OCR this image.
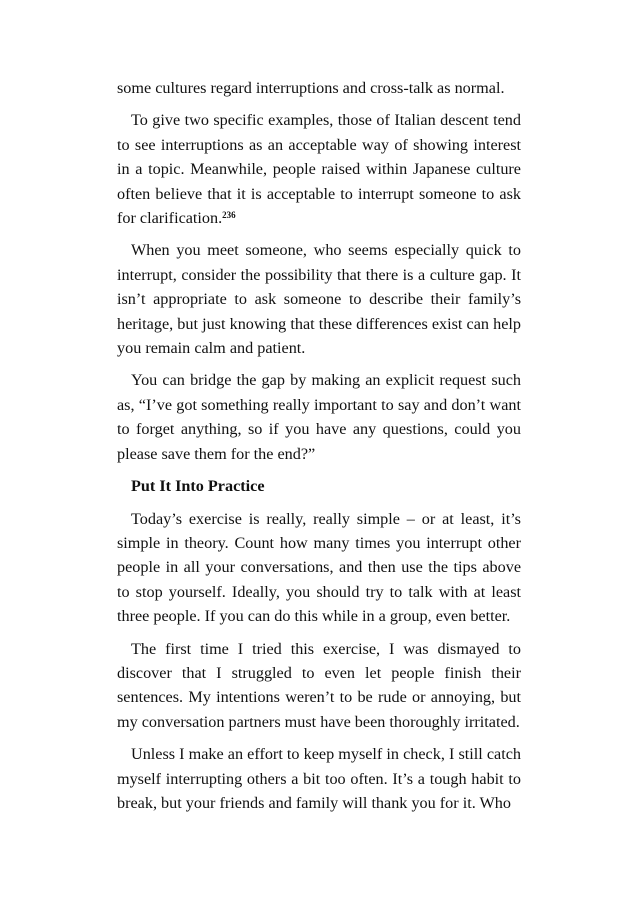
some cultures regard interruptions and cross-talk as normal.

To give two specific examples, those of Italian descent tend to see interruptions as an acceptable way of showing interest in a topic. Meanwhile, people raised within Japanese culture often believe that it is acceptable to interrupt someone to ask for clarification.$^{236}$

When you meet someone, who seems especially quick to interrupt, consider the possibility that there is a culture gap. It isn’t appropriate to ask someone to describe their family’s heritage, but just knowing that these differences exist can help you remain calm and patient.

You can bridge the gap by making an explicit request such as, “I’ve got something really important to say and don’t want to forget anything, so if you have any questions, could you please save them for the end?”

Put It Into Practice

Today’s exercise is really, really simple – or at least, it’s simple in theory. Count how many times you interrupt other people in all your conversations, and then use the tips above to stop yourself. Ideally, you should try to talk with at least three people. If you can do this while in a group, even better.

The first time I tried this exercise, I was dismayed to discover that I struggled to even let people finish their sentences. My intentions weren’t to be rude or annoying, but my conversation partners must have been thoroughly irritated.

Unless I make an effort to keep myself in check, I still catch myself interrupting others a bit too often. It’s a tough habit to break, but your friends and family will thank you for it. Who
